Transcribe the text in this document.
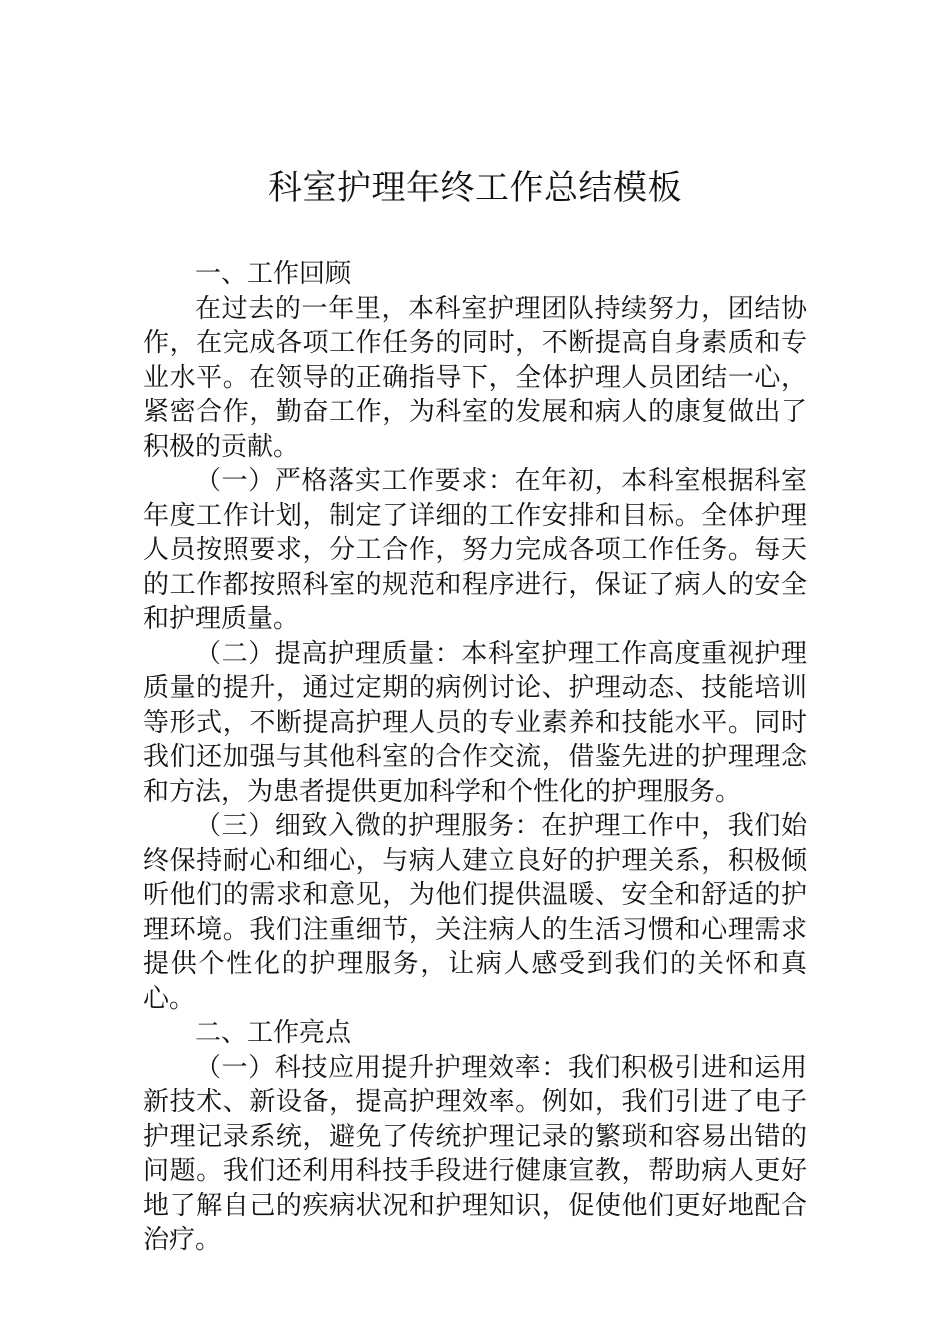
科室护理年终工作总结模板

一、工作回顾

在过去的一年里，本科室护理团队持续努力，团结协作，在完成各项工作任务的同时，不断提高自身素质和专业水平。在领导的正确指导下，全体护理人员团结一心，紧密合作，勤奋工作，为科室的发展和病人的康复做出了积极的贡献。

（一）严格落实工作要求：在年初，本科室根据科室年度工作计划，制定了详细的工作安排和目标。全体护理人员按照要求，分工合作，努力完成各项工作任务。每天的工作都按照科室的规范和程序进行，保证了病人的安全和护理质量。

（二）提高护理质量：本科室护理工作高度重视护理质量的提升，通过定期的病例讨论、护理动态、技能培训等形式，不断提高护理人员的专业素养和技能水平。同时我们还加强与其他科室的合作交流，借鉴先进的护理理念和方法，为患者提供更加科学和个性化的护理服务。

（三）细致入微的护理服务：在护理工作中，我们始终保持耐心和细心，与病人建立良好的护理关系，积极倾听他们的需求和意见，为他们提供温暖、安全和舒适的护理环境。我们注重细节，关注病人的生活习惯和心理需求提供个性化的护理服务，让病人感受到我们的关怀和真心。

二、工作亮点

（一）科技应用提升护理效率：我们积极引进和运用新技术、新设备，提高护理效率。例如，我们引进了电子护理记录系统，避免了传统护理记录的繁琐和容易出错的问题。我们还利用科技手段进行健康宣教，帮助病人更好地了解自己的疾病状况和护理知识，促使他们更好地配合治疗。
